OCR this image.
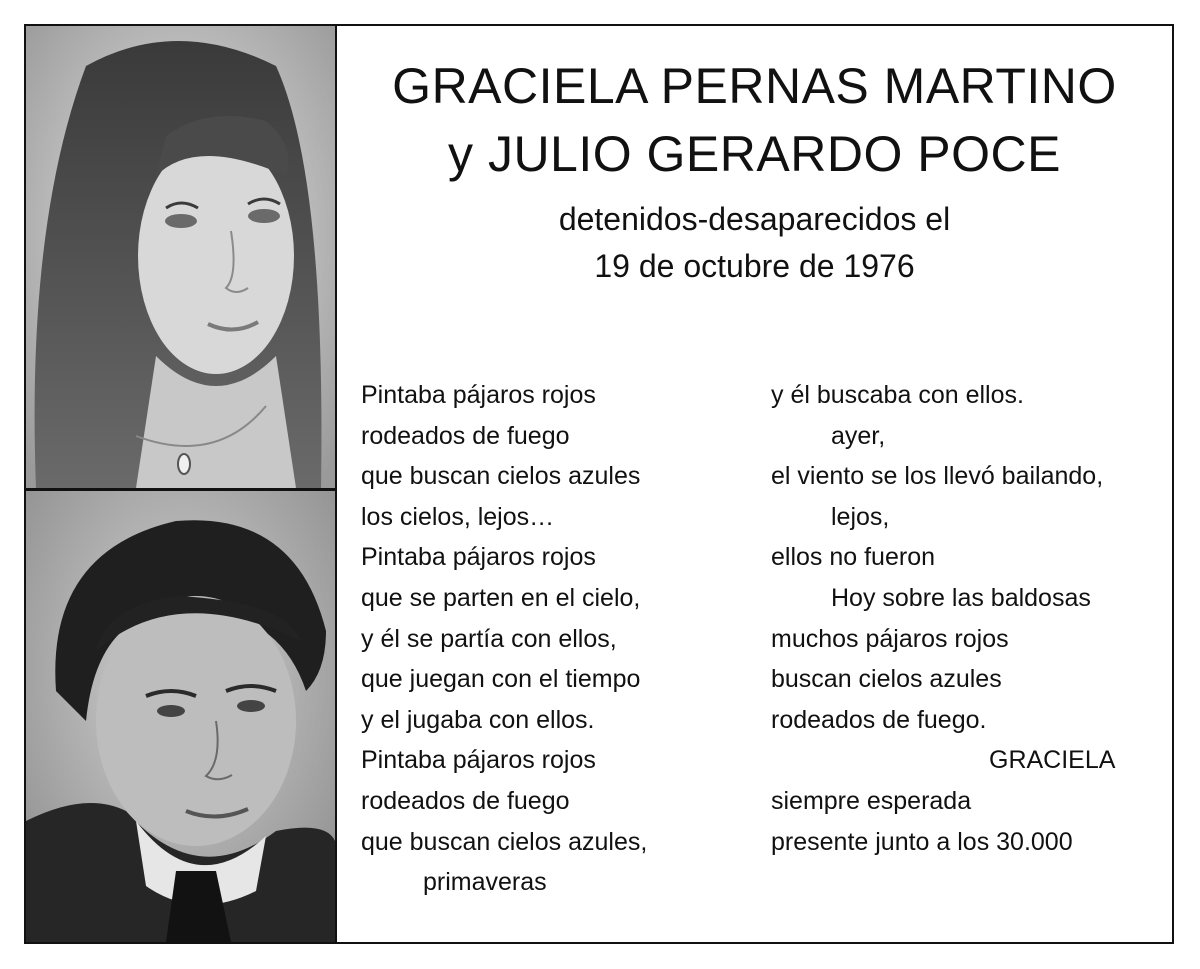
GRACIELA PERNAS MARTINO
y JULIO GERARDO POCE
detenidos-desaparecidos el
19 de octubre de 1976
Pintaba pájaros rojos
rodeados de fuego
que buscan cielos azules
los cielos, lejos…
Pintaba pájaros rojos
que se parten en el cielo,
y él se partía con ellos,
que juegan con el tiempo
y el jugaba con ellos.
Pintaba pájaros rojos
rodeados de fuego
que buscan cielos azules,
primaveras
y él buscaba con ellos.
ayer,
el viento se los llevó bailando,
lejos,
ellos no fueron
Hoy sobre las baldosas
muchos pájaros rojos
buscan cielos azules
rodeados de fuego.
GRACIELA
siempre esperada
presente junto a los 30.000
